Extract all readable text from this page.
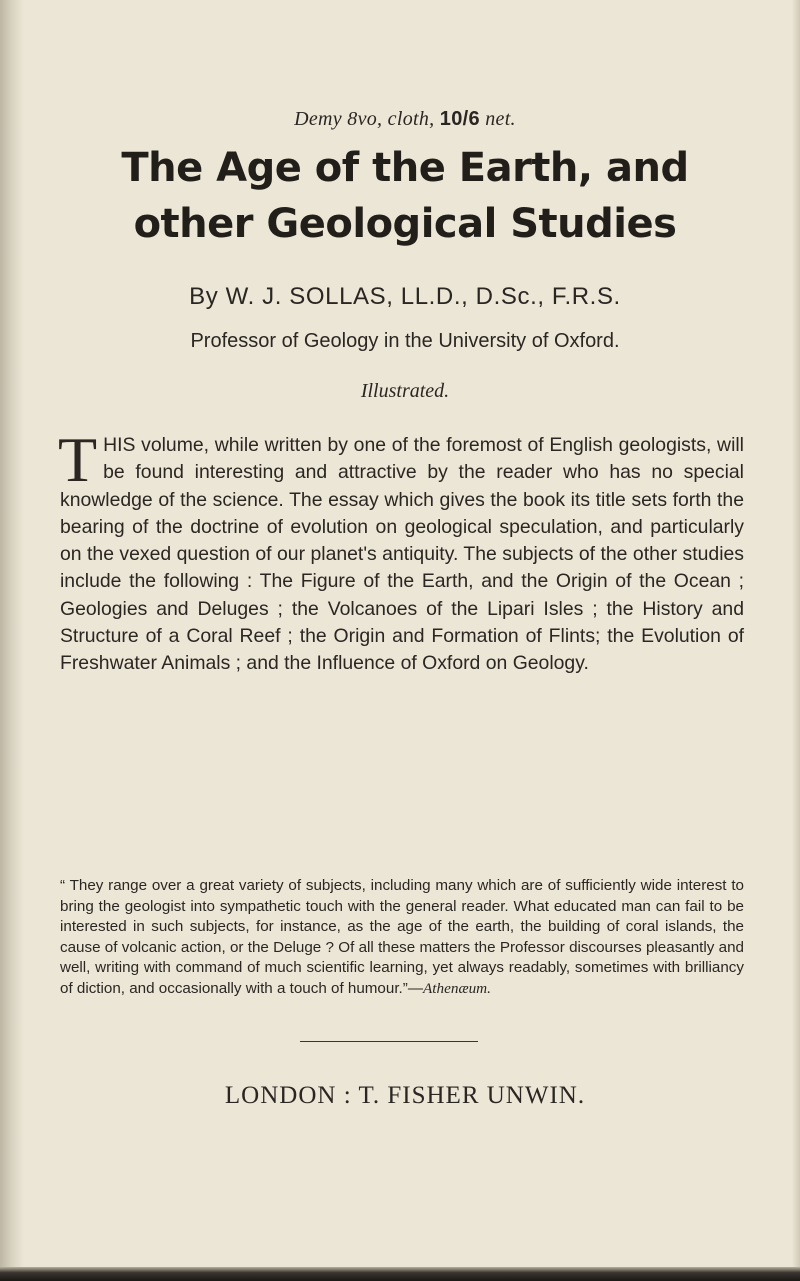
Demy 8vo, cloth, 10/6 net.
The Age of the Earth, and
other Geological Studies
By W. J. SOLLAS, LL.D., D.Sc., F.R.S.
Professor of Geology in the University of Oxford.
Illustrated.
THIS volume, while written by one of the foremost of English geologists, will be found interesting and attractive by the reader who has no special knowledge of the science. The essay which gives the book its title sets forth the bearing of the doctrine of evolution on geological speculation, and particularly on the vexed question of our planet's antiquity. The subjects of the other studies include the following : The Figure of the Earth, and the Origin of the Ocean ; Geologies and Deluges ; the Volcanoes of the Lipari Isles ; the History and Structure of a Coral Reef ; the Origin and Formation of Flints; the Evolution of Freshwater Animals ; and the Influence of Oxford on Geology.
“ They range over a great variety of subjects, including many which are of sufficiently wide interest to bring the geologist into sympathetic touch with the general reader. What educated man can fail to be interested in such subjects, for instance, as the age of the earth, the building of coral islands, the cause of volcanic action, or the Deluge ? Of all these matters the Professor discourses pleasantly and well, writing with command of much scientific learning, yet always readably, sometimes with brilliancy of diction, and occasionally with a touch of humour.”—Athenæum.
LONDON : T. FISHER UNWIN.
